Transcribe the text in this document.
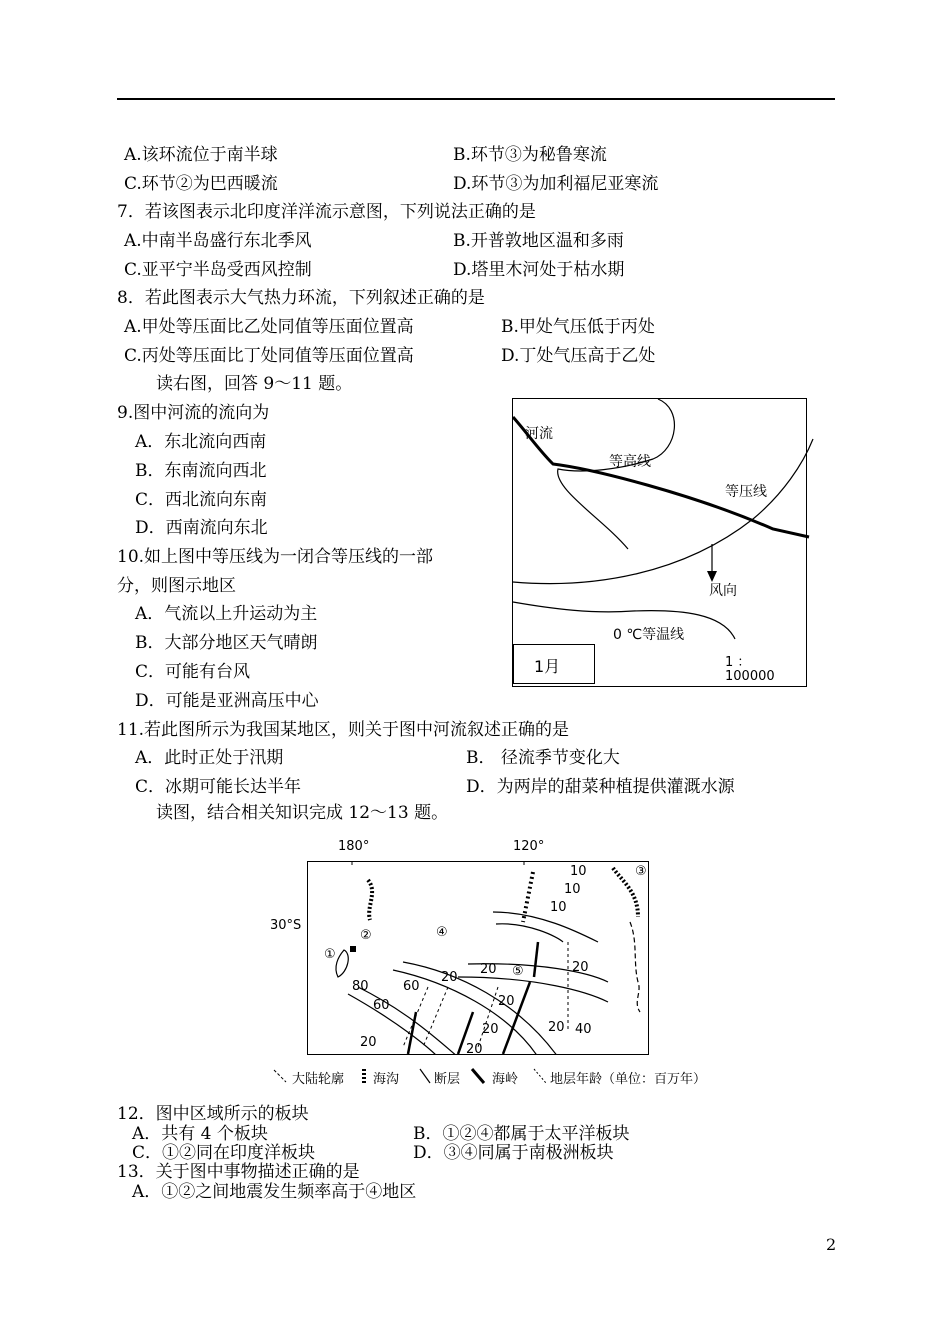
A.该环流位于南半球	B.环节③为秘鲁寒流
C.环节②为巴西暖流	D.环节③为加利福尼亚寒流
7．若该图表示北印度洋洋流示意图，下列说法正确的是
A.中南半岛盛行东北季风	B.开普敦地区温和多雨
C.亚平宁半岛受西风控制	D.塔里木河处于枯水期
8．若此图表示大气热力环流，下列叙述正确的是
A.甲处等压面比乙处同值等压面位置高	B.甲处气压低于丙处
C.丙处等压面比丁处同值等压面位置高	D.丁处气压高于乙处
读右图，回答 9～11 题。
9.图中河流的流向为
A．东北流向西南
B．东南流向西北
C．西北流向东南
D．西南流向东北
10.如上图中等压线为一闭合等压线的一部
分，则图示地区
A．气流以上升运动为主
B．大部分地区天气晴朗
C．可能有台风
D．可能是亚洲高压中心
河流
等高线
等压线
风向
0 ℃等温线
1月	1 ：
100000
11.若此图所示为我国某地区，则关于图中河流叙述正确的是
A．此时正处于汛期	B． 径流季节变化大
C．冰期可能长达半年	D．为两岸的甜菜种植提供灌溉水源
读图，结合相关知识完成 12～13 题。
180°	120°
30°S
①
②
③
④
⑤
10
10
10
20
20
80
60
60
20
20
20
20	40
20	20
大陆轮廓 海沟	断层 海岭 地层年龄（单位：百万年）
12．图中区域所示的板块
A．共有 4 个板块	B．①②④都属于太平洋板块
C．①②同在印度洋板块	D．③④同属于南极洲板块
13．关于图中事物描述正确的是
A．①②之间地震发生频率高于④地区
2
